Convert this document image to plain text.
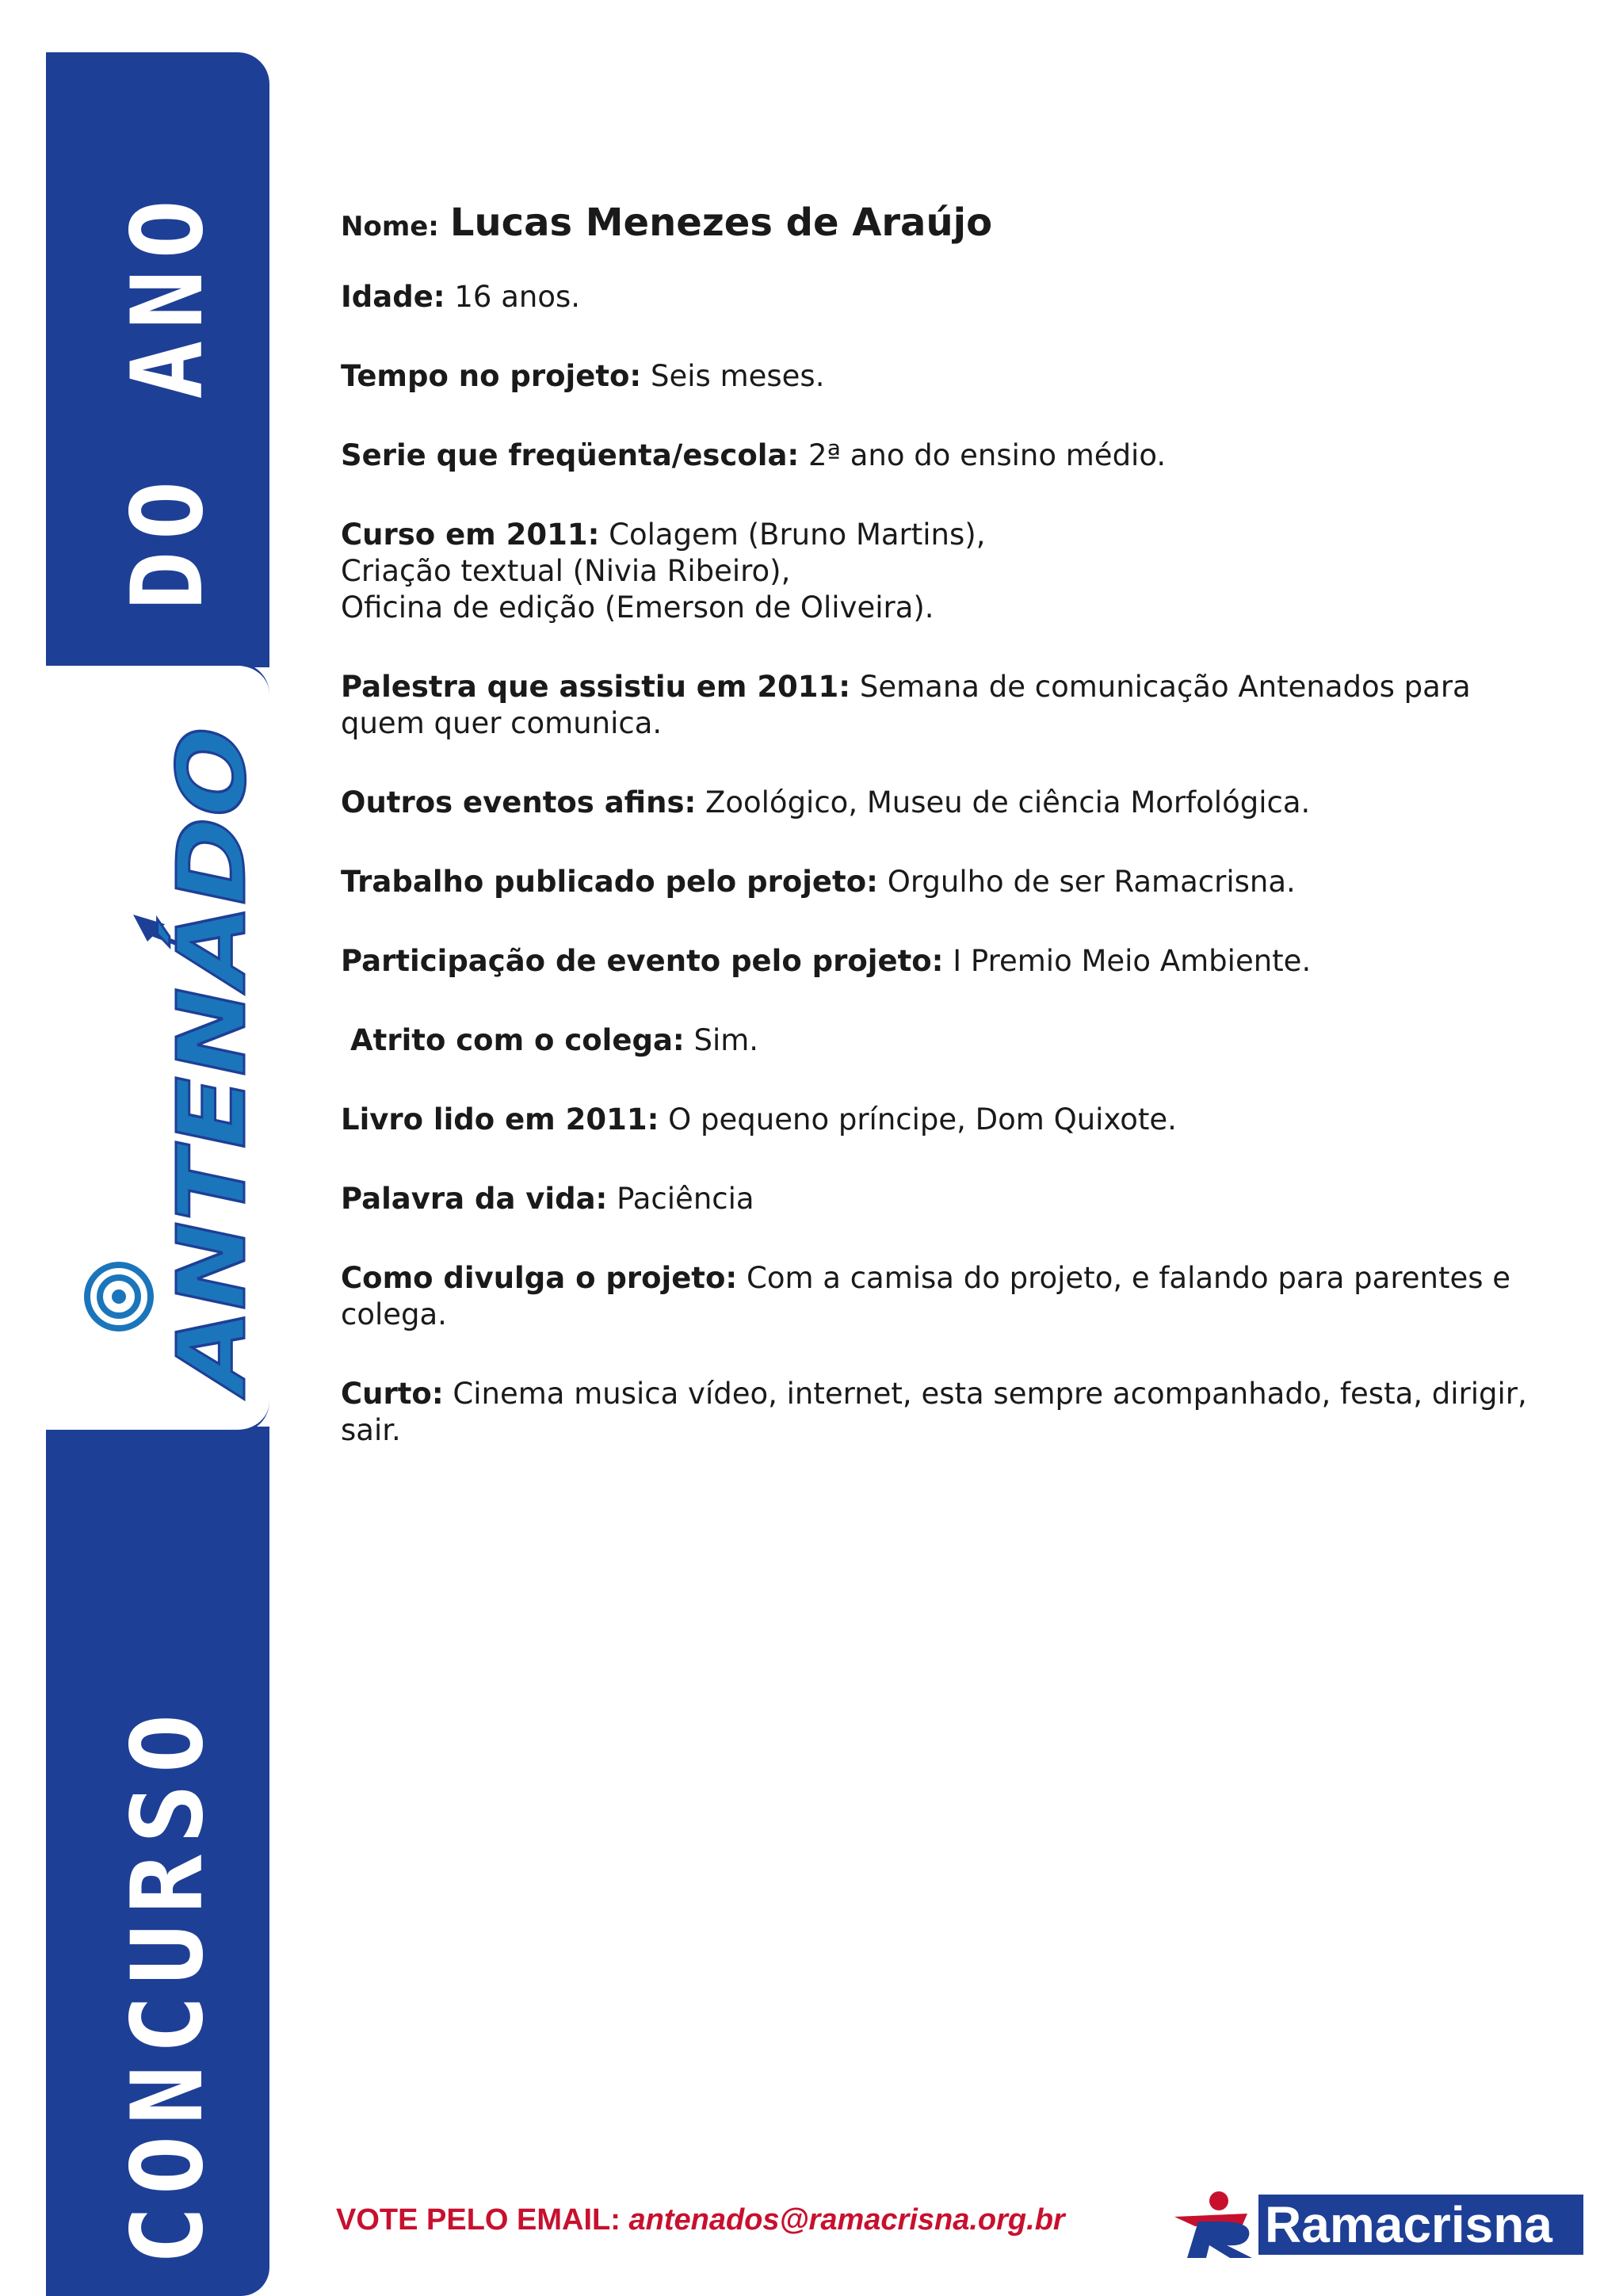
DO ANO
CONCURSO
ANTENÁDO
Nome: Lucas Menezes de Araújo
Idade: 16 anos.
Tempo no projeto: Seis meses.
Serie que freqüenta/escola: 2ª ano do ensino médio.
Curso em 2011: Colagem (Bruno Martins),
Criação textual (Nivia Ribeiro),
Oficina de edição (Emerson de Oliveira).
Palestra que assistiu em 2011: Semana de comunicação Antenados para
quem quer comunica.
Outros eventos afins: Zoológico, Museu de ciência Morfológica.
Trabalho publicado pelo projeto: Orgulho de ser Ramacrisna.
Participação de evento pelo projeto: I Premio Meio Ambiente.
Atrito com o colega: Sim.
Livro lido em 2011: O pequeno príncipe, Dom Quixote.
Palavra da vida: Paciência
Como divulga o projeto: Com a camisa do projeto, e falando para parentes e
colega.
Curto: Cinema musica vídeo, internet, esta sempre acompanhado, festa, dirigir,
sair.
VOTE PELO EMAIL: antenados@ramacrisna.org.br	Ramacrisna
